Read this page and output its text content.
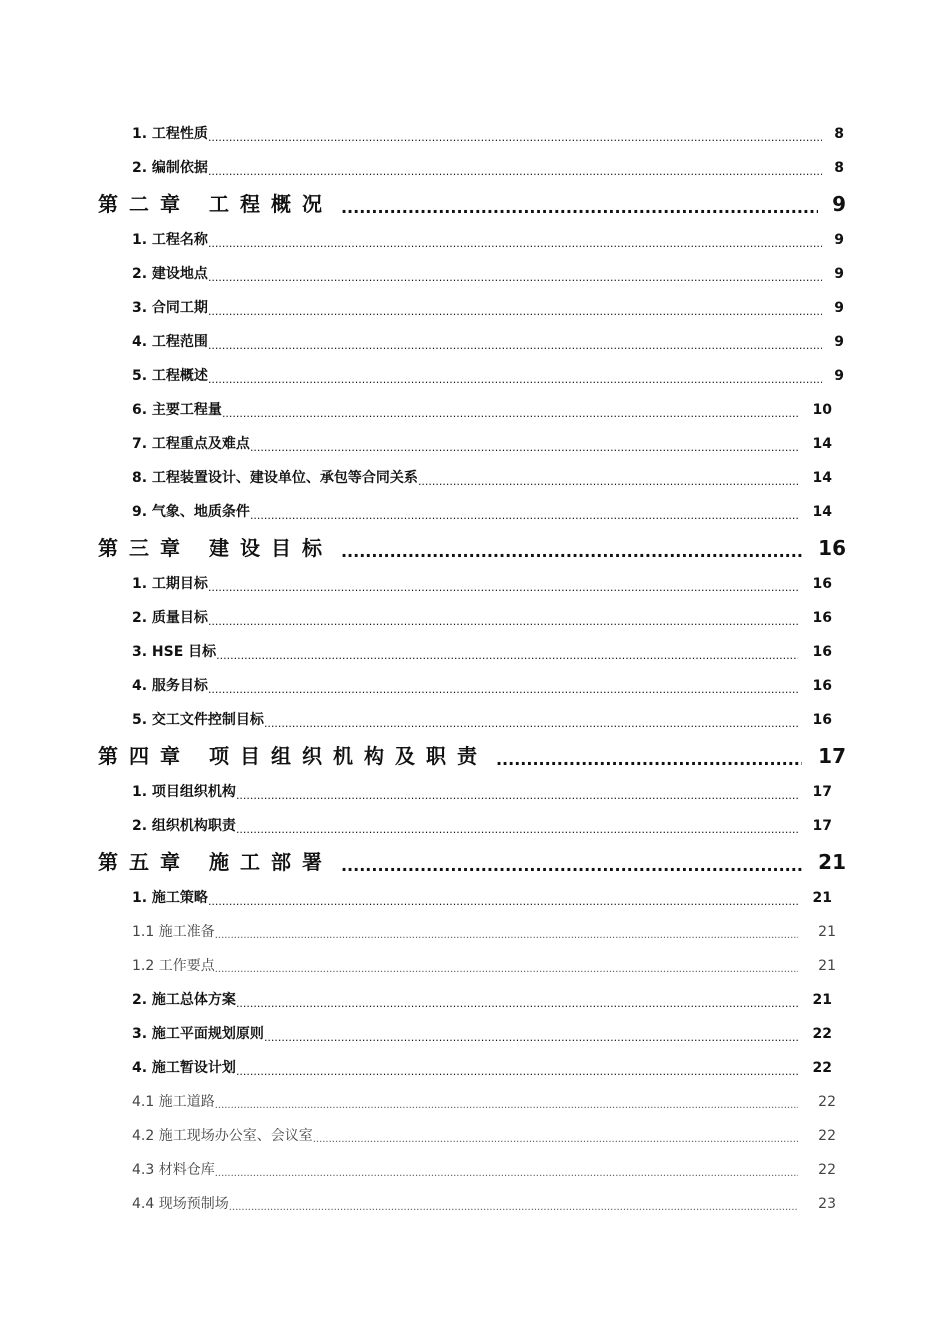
1. 工程性质 .....	8
2. 编制依据 .....	8
第二章 工程概况 .....	9
1. 工程名称 .....	9
2. 建设地点 .....	9
3. 合同工期 .....	9
4. 工程范围 .....	9
5. 工程概述 .....	9
6. 主要工程量 .....	10
7. 工程重点及难点 .....	14
8. 工程装置设计、建设单位、承包等合同关系 .....	14
9. 气象、地质条件 .....	14
第三章 建设目标 .....	16
1. 工期目标 .....	16
2. 质量目标 .....	16
3. HSE 目标 .....	16
4. 服务目标 .....	16
5. 交工文件控制目标 .....	16
第四章 项目组织机构及职责 .....	17
1. 项目组织机构 .....	17
2. 组织机构职责 .....	17
第五章 施工部署 .....	21
1. 施工策略 .....	21
1.1 施工准备 .....	21
1.2 工作要点 .....	21
2. 施工总体方案 .....	21
3. 施工平面规划原则 .....	22
4. 施工暂设计划 .....	22
4.1 施工道路 .....	22
4.2 施工现场办公室、会议室 .....	22
4.3 材料仓库 .....	22
4.4 现场预制场 .....	23
